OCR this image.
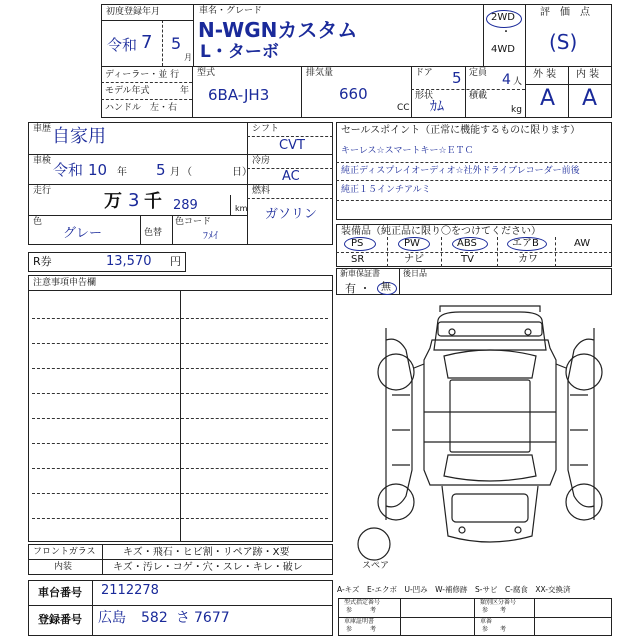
初度登録年月
令和 7 5
月
車名・グレード
N-WGNカスタム
L・ターボ
2WD
・
4WD
評　価　点
(S)
ディーラー・並 行
モデル年式	年
ハンドル　左・右
型式
6BA-JH3
排気量
660
CC
ドア 5 定員 4 人
形状
ｶﾑ
積載
kg
外 装 内 装
A A
車歴 自家用
車検 令和 10 年 5 月 （　　　　日）
走行	万 3 千 289	km
色
グレー	色替
色コード
ﾌﾒｲ
シフト
CVT
冷房
AC
燃料
ガソリン
R券	13,570 円
セールスポイント（正常に機能するものに限ります）
キーレス☆スマートキー☆ＥＴＣ
純正ディスプレイオーディオ☆社外ドライブレコーダー前後
純正１５インチアルミ
装備品（純正品に限り〇をつけてください）
PS	PW	ABS	エアB	AW
SR	ナビ	TV	カワ
新車保証書
有 ・ 無
後日品
注意事項申告欄
フロントガラス	キズ・飛石・ヒビ割・リペア跡・X要
内装	キズ・汚レ・コゲ・穴・スレ・キレ・破レ	スペア
A-キズ　E-エクボ　U-凹み　W-補修跡　S-サビ　C-腐食　XX-交換済
車台番号 2112278
登録番号 広島 582 さ 7677
型式指定番号
参　　　考
類別区分番号
参　　考
車庫証明書
参　　　考
車番
参　　考
